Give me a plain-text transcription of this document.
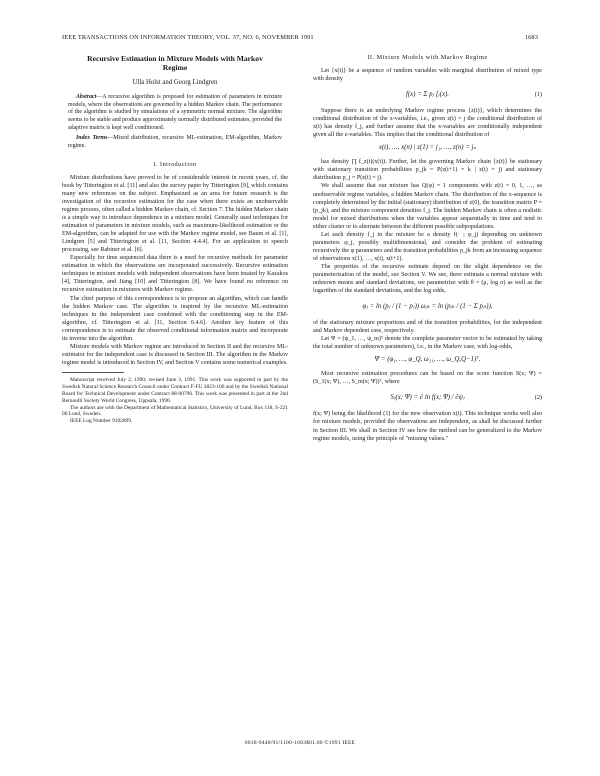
IEEE TRANSACTIONS ON INFORMATION THEORY, VOL. 37, NO. 6, NOVEMBER 1991	1683
Recursive Estimation in Mixture Models with Markov Regime
Ulla Holst and Georg Lindgren
Abstract—A recursive algorithm is proposed for estimation of parameters in mixture models, where the observations are governed by a hidden Markov chain. The performance of the algorithm is studied by simulations of a symmetric normal mixture. The algorithm seems to be stable and produce approximately normally distributed estimates, provided the adaptive matrix is kept well conditioned.
Index Terms—Mixed distribution, recursive ML-estimation, EM-algorithm, Markov regime.
I. Introduction

Mixture distributions have proved to be of considerable interest in recent years, cf. the book by Titterington et al. [11] and also the survey paper by Titterington [9], which contains many new references on the subject. Emphasized as an area for future research is the investigation of the recursive estimation for the case when there exists an unobservable regime process, often called a hidden Markov chain, cf. Section 7. The hidden Markov chain is a simple way to introduce dependence in a mixture model. Generally used techniques for estimation of parameters in mixture models, such as maximum-likelihood estimation or the EM-algorithm, can be adapted for use with the Markov regime model, see Baum et al. [1], Lindgren [5] and Titterington et al. [11, Section 4.4.4]. For an application to speech processing, see Rabiner et al. [6].

Especially for time sequenced data there is a need for recursive methods for parameter estimation in which the observations are incorporated successively. Recursive estimation techniques in mixture models with independent observations have been treated by Kazakos [4], Titterington, and Jiang [10] and Titterington [8]. We have found no reference on recursive estimation in mixtures with Markov regime.

The chief purpose of this correspondence is to propose an algorithm, which can handle the hidden Markov case. The algorithm is inspired by the recursive ML-estimation techniques in the independent case combined with the conditioning step in the EM-algorithm, cf. Titterington et al. [11, Section 6.4.6]. Another key feature of this correspondence is to estimate the observed conditional information matrix and incorporate its inverse into the algorithm.

Mixture models with Markov regime are introduced in Section II and the recursive ML-estimator for the independent case is discussed in Section III. The algorithm in the Markov regime model is introduced in Section IV, and Section V contains some numerical examples.

Manuscript received July 2, 1990; revised June 3, 1991. This work was supported in part by the Swedish Natural Science Research Council under Contract F-FU 3823-100 and by the Swedish National Board for Technical Development under Contract 88-00796. This work was presented in part at the 2nd Bernoulli Society World Congress, Uppsala, 1990.

The authors are with the Department of Mathematical Statistics, University of Lund, Box 118, S-221 00 Lund, Sweden.

IEEE Log Number 9102899.

II. Mixture Models with Markov Regime

Let {x(t)} be a sequence of random variables with marginal distribution of mixed type with density

f(x) = Σ pⱼ fⱼ(x).	(1)

Suppose there is an underlying Markov regime process {z(t)}, which determines the conditional distribution of the x-variables, i.e., given z(t) = j the conditional distribution of x(t) has density f_j, and further assume that the x-variables are conditionally independent given all the z-variables. This implies that the conditional distribution of

x(t), …, x(n) | z(1) = j₁, …, z(n) = jₙ

has density ∏ f_z(t)(x(t)). Further, let the governing Markov chain {z(t)} be stationary with stationary transition probabilities p_jk = P(z(t+1) = k | z(t) = j) and stationary distribution p_j = P(z(t) = j).

We shall assume that our mixture has Q(φ) = 1 components with z(t) = 0, 1, …, as unobservable regime variables, a hidden Markov chain. The distribution of the x-sequence is completely determined by the initial (stationary) distribution of z(0), the transition matrix P = (p_jk), and the mixture component densities f_j. The hidden Markov chain is often a realistic model for mixed distributions when the variables appear sequentially in time and tend to either cluster or to alternate between the different possible subpopulations.

Let each density f_j in the mixture be a density f(· ; φ_j) depending on unknown parameters φ_j, possibly multidimensional, and consider the problem of estimating recursively the φ parameters and the transition probabilities p_jk from an increasing sequence of observations x(1), …, x(t), x(t+1).

The properties of the recursive estimate depend on the slight dependence on the parameterization of the model, see Section V. We see, there estimate a normal mixture with unknown means and standard deviations, we parametrize with θ = (μ, log σ) as well as the logarithm of the standard deviations, and the log odds,

φⱼ = ln (pⱼ / (1 − pⱼ)) ωⱼₖ = ln (pⱼₖ / (1 − Σ pⱼₗ)),

of the stationary mixture proportions and of the transition probabilities, for the independent and Markov dependent case, respectively.

Let Ψ = (ψ_1, …, ψ_m)ᵀ denote the complete parameter vector to be estimated by taking the total number of unknown parameters), i.e., in the Markov case, with log-odds,

Ψ = (φ₁, …, φ_Q, ω₁₁, …, ω_Q,Q−1)ᵀ.

Most recursive estimation procedures can be based on the score function S(x; Ψ) = (S_1(x; Ψ), …, S_m(x; Ψ))ᵀ, where

Sⱼ(x; Ψ) = ∂ ln f(x; Ψ) / ∂ψⱼ	(2)

f(x; Ψ) being the likelihood (1) for the new observation x(t). This technique works well also for mixture models, provided the observations are independent, as shall be discussed further in Section III. We shall in Section IV see how the method can be generalized to the Markov regime models, using the principle of "missing values."

0018-9448/91/1100-1683$01.00 ©1991 IEEE
